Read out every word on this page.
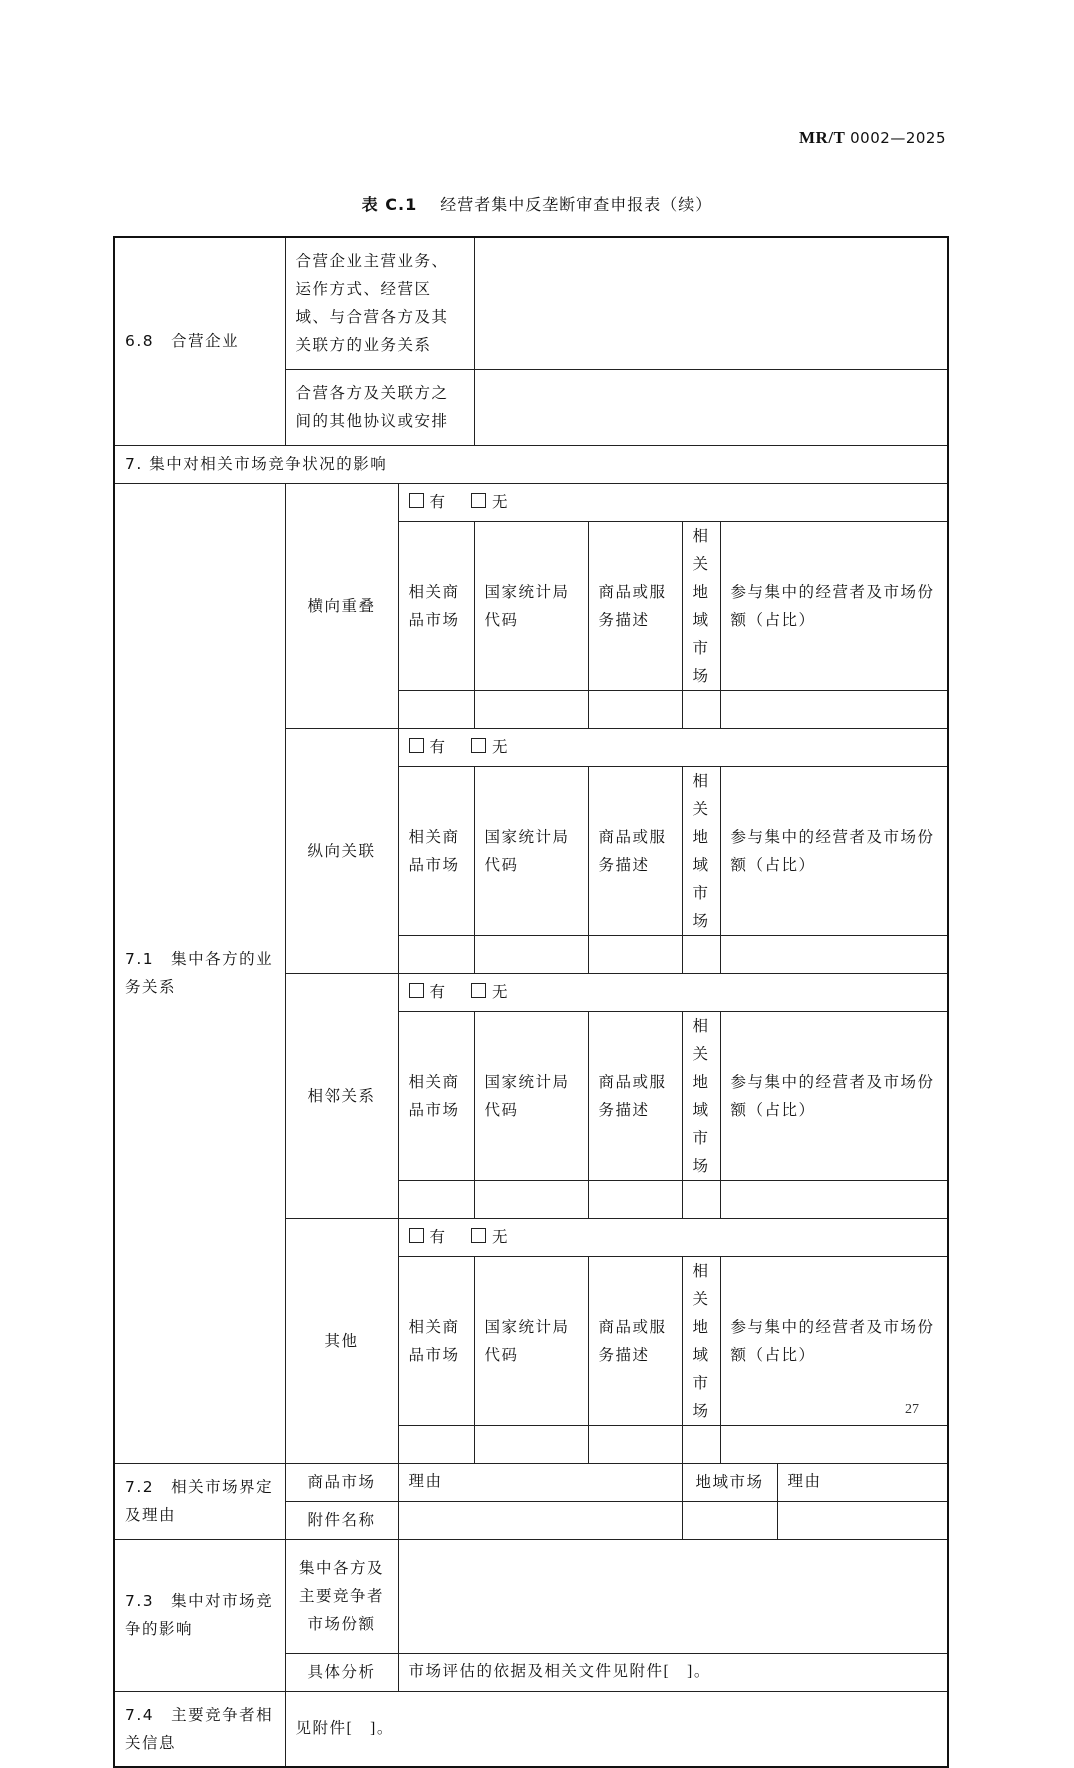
MR/T 0002—2025
表 C.1　 经营者集中反垄断审查申报表（续）
6.8　合营企业	合营企业主营业务、运作方式、经营区域、与合营各方及其关联方的业务关系						
	合营各方及关联方之间的其他协议或安排						
7. 集中对相关市场竞争状况的影响							
7.1　集中各方的业务关系	横向重叠	有 无					
		相关商品市场	国家统计局代码	商品或服务描述	相关地域市场	参与集中的经营者及市场份额（占比）	

	纵向关联	有 无					
		相关商品市场	国家统计局代码	商品或服务描述	相关地域市场	参与集中的经营者及市场份额（占比）	

	相邻关系	有 无					
		相关商品市场	国家统计局代码	商品或服务描述	相关地域市场	参与集中的经营者及市场份额（占比）	

	其他	有 无					
		相关商品市场	国家统计局代码	商品或服务描述	相关地域市场	参与集中的经营者及市场份额（占比）	

7.2　相关市场界定及理由	商品市场	理由			地域市场		理由
	附件名称						
7.3　集中对市场竞争的影响	集中各方及主要竞争者市场份额						
	具体分析	市场评估的依据及相关文件见附件[　]。					
7.4　主要竞争者相关信息	见附件[　]。						
27
